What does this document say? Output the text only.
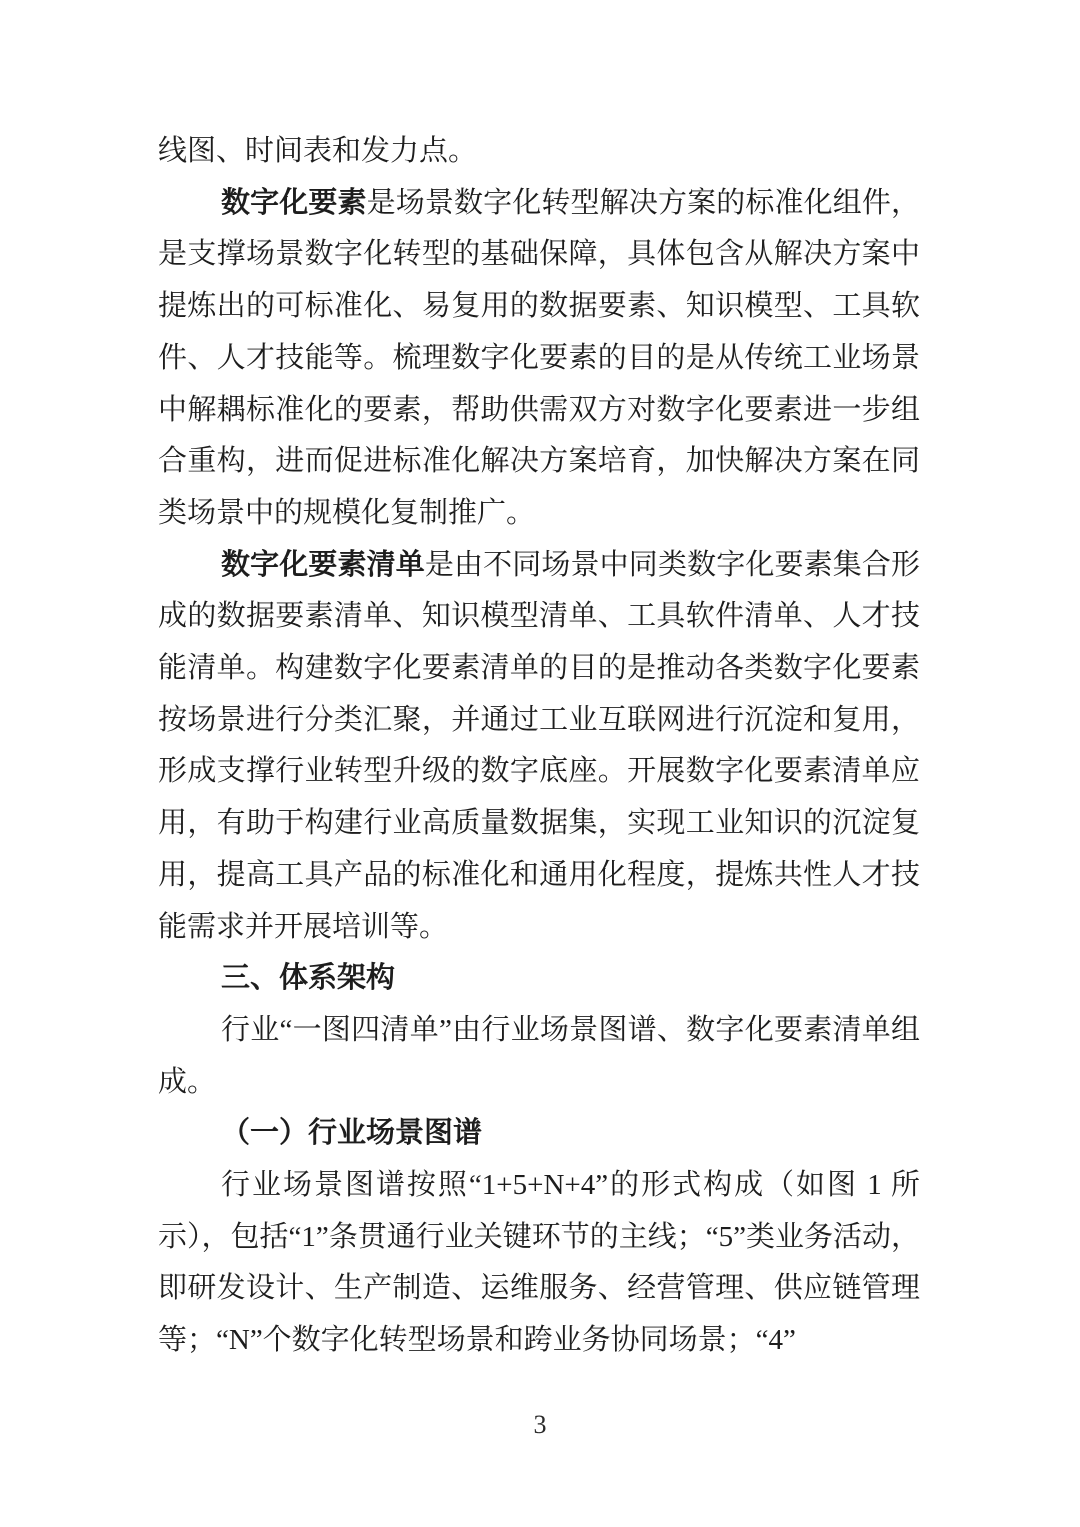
线图、时间表和发力点。

数字化要素是场景数字化转型解决方案的标准化组件，是支撑场景数字化转型的基础保障，具体包含从解决方案中提炼出的可标准化、易复用的数据要素、知识模型、工具软件、人才技能等。梳理数字化要素的目的是从传统工业场景中解耦标准化的要素，帮助供需双方对数字化要素进一步组合重构，进而促进标准化解决方案培育，加快解决方案在同类场景中的规模化复制推广。

数字化要素清单是由不同场景中同类数字化要素集合形成的数据要素清单、知识模型清单、工具软件清单、人才技能清单。构建数字化要素清单的目的是推动各类数字化要素按场景进行分类汇聚，并通过工业互联网进行沉淀和复用，形成支撑行业转型升级的数字底座。开展数字化要素清单应用，有助于构建行业高质量数据集，实现工业知识的沉淀复用，提高工具产品的标准化和通用化程度，提炼共性人才技能需求并开展培训等。

三、体系架构

行业“一图四清单”由行业场景图谱、数字化要素清单组成。

（一）行业场景图谱

行业场景图谱按照“1+5+N+4”的形式构成（如图 1 所示），包括“1”条贯通行业关键环节的主线；“5”类业务活动，即研发设计、生产制造、运维服务、经营管理、供应链管理等；“N”个数字化转型场景和跨业务协同场景；“4”

3
